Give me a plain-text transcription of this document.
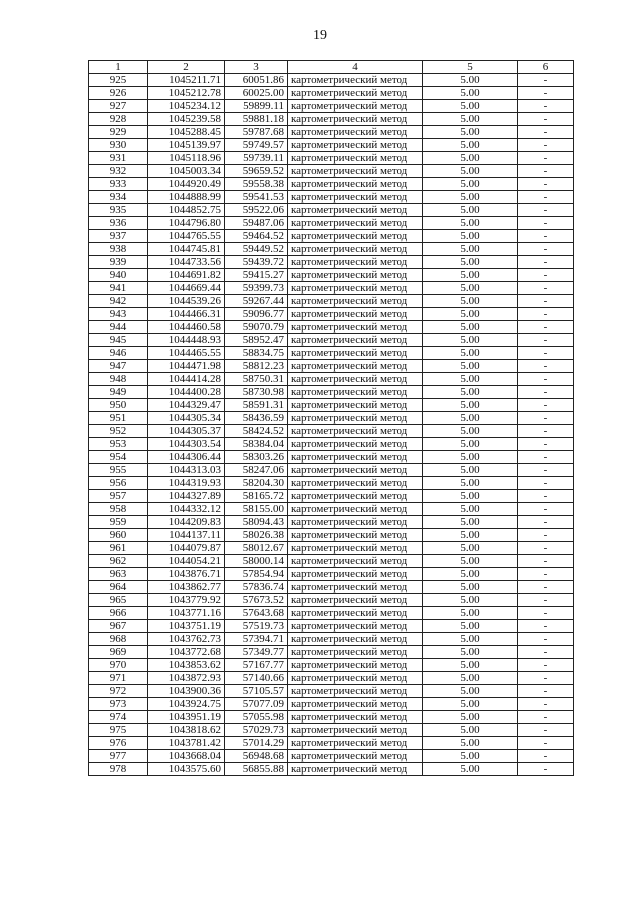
19
1	2	3	4	5	6
925	1045211.71	60051.86	картометрический метод	5.00	-
926	1045212.78	60025.00	картометрический метод	5.00	-
927	1045234.12	59899.11	картометрический метод	5.00	-
928	1045239.58	59881.18	картометрический метод	5.00	-
929	1045288.45	59787.68	картометрический метод	5.00	-
930	1045139.97	59749.57	картометрический метод	5.00	-
931	1045118.96	59739.11	картометрический метод	5.00	-
932	1045003.34	59659.52	картометрический метод	5.00	-
933	1044920.49	59558.38	картометрический метод	5.00	-
934	1044888.99	59541.53	картометрический метод	5.00	-
935	1044852.75	59522.06	картометрический метод	5.00	-
936	1044796.80	59487.06	картометрический метод	5.00	-
937	1044765.55	59464.52	картометрический метод	5.00	-
938	1044745.81	59449.52	картометрический метод	5.00	-
939	1044733.56	59439.72	картометрический метод	5.00	-
940	1044691.82	59415.27	картометрический метод	5.00	-
941	1044669.44	59399.73	картометрический метод	5.00	-
942	1044539.26	59267.44	картометрический метод	5.00	-
943	1044466.31	59096.77	картометрический метод	5.00	-
944	1044460.58	59070.79	картометрический метод	5.00	-
945	1044448.93	58952.47	картометрический метод	5.00	-
946	1044465.55	58834.75	картометрический метод	5.00	-
947	1044471.98	58812.23	картометрический метод	5.00	-
948	1044414.28	58750.31	картометрический метод	5.00	-
949	1044400.28	58730.98	картометрический метод	5.00	-
950	1044329.47	58591.31	картометрический метод	5.00	-
951	1044305.34	58436.59	картометрический метод	5.00	-
952	1044305.37	58424.52	картометрический метод	5.00	-
953	1044303.54	58384.04	картометрический метод	5.00	-
954	1044306.44	58303.26	картометрический метод	5.00	-
955	1044313.03	58247.06	картометрический метод	5.00	-
956	1044319.93	58204.30	картометрический метод	5.00	-
957	1044327.89	58165.72	картометрический метод	5.00	-
958	1044332.12	58155.00	картометрический метод	5.00	-
959	1044209.83	58094.43	картометрический метод	5.00	-
960	1044137.11	58026.38	картометрический метод	5.00	-
961	1044079.87	58012.67	картометрический метод	5.00	-
962	1044054.21	58000.14	картометрический метод	5.00	-
963	1043876.71	57854.94	картометрический метод	5.00	-
964	1043862.77	57836.74	картометрический метод	5.00	-
965	1043779.92	57673.52	картометрический метод	5.00	-
966	1043771.16	57643.68	картометрический метод	5.00	-
967	1043751.19	57519.73	картометрический метод	5.00	-
968	1043762.73	57394.71	картометрический метод	5.00	-
969	1043772.68	57349.77	картометрический метод	5.00	-
970	1043853.62	57167.77	картометрический метод	5.00	-
971	1043872.93	57140.66	картометрический метод	5.00	-
972	1043900.36	57105.57	картометрический метод	5.00	-
973	1043924.75	57077.09	картометрический метод	5.00	-
974	1043951.19	57055.98	картометрический метод	5.00	-
975	1043818.62	57029.73	картометрический метод	5.00	-
976	1043781.42	57014.29	картометрический метод	5.00	-
977	1043668.04	56948.68	картометрический метод	5.00	-
978	1043575.60	56855.88	картометрический метод	5.00	-
